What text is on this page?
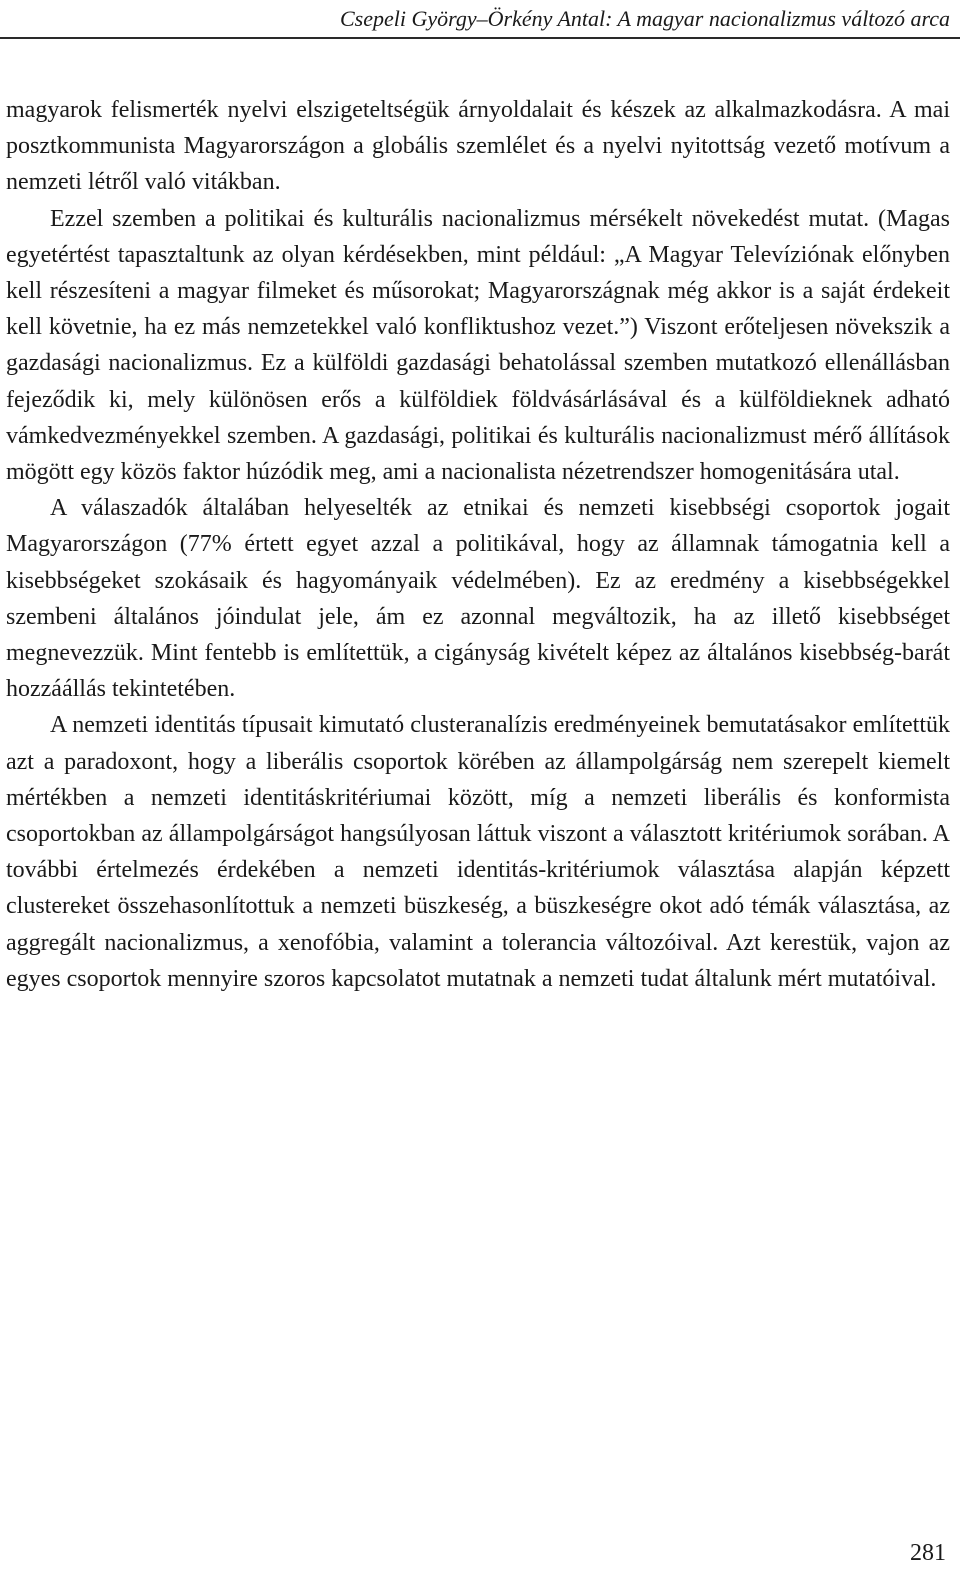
Csepeli György–Örkény Antal: A magyar nacionalizmus változó arca

magyarok felismerték nyelvi elszigeteltségük árnyoldalait és készek az alkalmazkodásra. A mai posztkommunista Magyarországon a globális szemlélet és a nyelvi nyitottság vezető motívum a nemzeti létről való vitákban.

Ezzel szemben a politikai és kulturális nacionalizmus mérsékelt növekedést mutat. (Magas egyetértést tapasztaltunk az olyan kérdésekben, mint például: „A Magyar Televíziónak előnyben kell részesíteni a magyar filmeket és műsorokat; Magyarországnak még akkor is a saját érdekeit kell követnie, ha ez más nemzetekkel való konfliktushoz vezet.”) Viszont erőteljesen növekszik a gazdasági nacionalizmus. Ez a külföldi gazdasági behatolással szemben mutatkozó ellenállásban fejeződik ki, mely különösen erős a külföldiek földvásárlásával és a külföldieknek adható vámkedvezményekkel szemben. A gazdasági, politikai és kulturális nacionalizmust mérő állítások mögött egy közös faktor húzódik meg, ami a nacionalista nézetrendszer homogenitására utal.

A válaszadók általában helyeselték az etnikai és nemzeti kisebbségi csoportok jogait Magyarországon (77% értett egyet azzal a politikával, hogy az államnak támogatnia kell a kisebbségeket szokásaik és hagyományaik védelmében). Ez az eredmény a kisebbségekkel szembeni általános jóindulat jele, ám ez azonnal megváltozik, ha az illető kisebbséget megnevezzük. Mint fentebb is említettük, a cigányság kivételt képez az általános kisebbség-barát hozzáállás tekintetében.

A nemzeti identitás típusait kimutató clusteranalízis eredményeinek bemutatásakor említettük azt a paradoxont, hogy a liberális csoportok körében az állampolgárság nem szerepelt kiemelt mértékben a nemzeti identitáskritériumai között, míg a nemzeti liberális és konformista csoportokban az állampolgárságot hangsúlyosan láttuk viszont a választott kritériumok sorában. A további értelmezés érdekében a nemzeti identitás-kritériumok választása alapján képzett clustereket összehasonlítottuk a nemzeti büszkeség, a büszkeségre okot adó témák választása, az aggregált nacionalizmus, a xenofóbia, valamint a tolerancia változóival. Azt kerestük, vajon az egyes csoportok mennyire szoros kapcsolatot mutatnak a nemzeti tudat általunk mért mutatóival.

281
